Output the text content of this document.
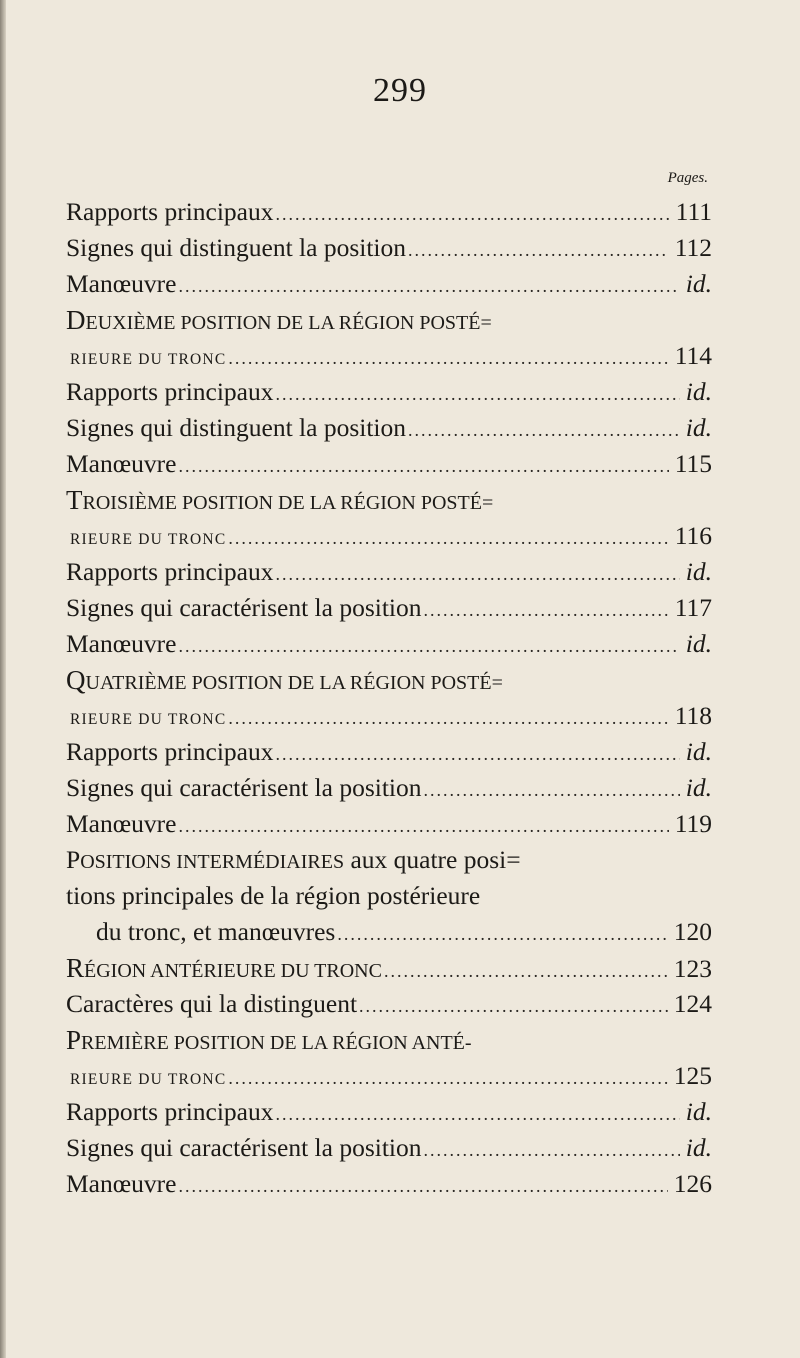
299
Pages.
Rapports principaux .....	111
Signes qui distinguent la position .....	112
Manœuvre .....	id.
DEUXIÈME POSITION DE LA RÉGION POSTÉ=
RIEURE DU TRONC .....	114
Rapports principaux .....	id.
Signes qui distinguent la position .....	id.
Manœuvre .....	115
TROISIÈME POSITION DE LA RÉGION POSTÉ=
RIEURE DU TRONC .....	116
Rapports principaux .....	id.
Signes qui caractérisent la position .....	117
Manœuvre .....	id.
QUATRIÈME POSITION DE LA RÉGION POSTÉ=
RIEURE DU TRONC .....	118
Rapports principaux .....	id.
Signes qui caractérisent la position .....	id.
Manœuvre .....	119
POSITIONS INTERMÉDIAIRES aux quatre posi=
tions principales de la région postérieure
du tronc, et manœuvres .....	120
RÉGION ANTÉRIEURE DU TRONC .....	123
Caractères qui la distinguent .....	124
PREMIÈRE POSITION DE LA RÉGION ANTÉ-
RIEURE DU TRONC .....	125
Rapports principaux .....	id.
Signes qui caractérisent la position .....	id.
Manœuvre .....	126
